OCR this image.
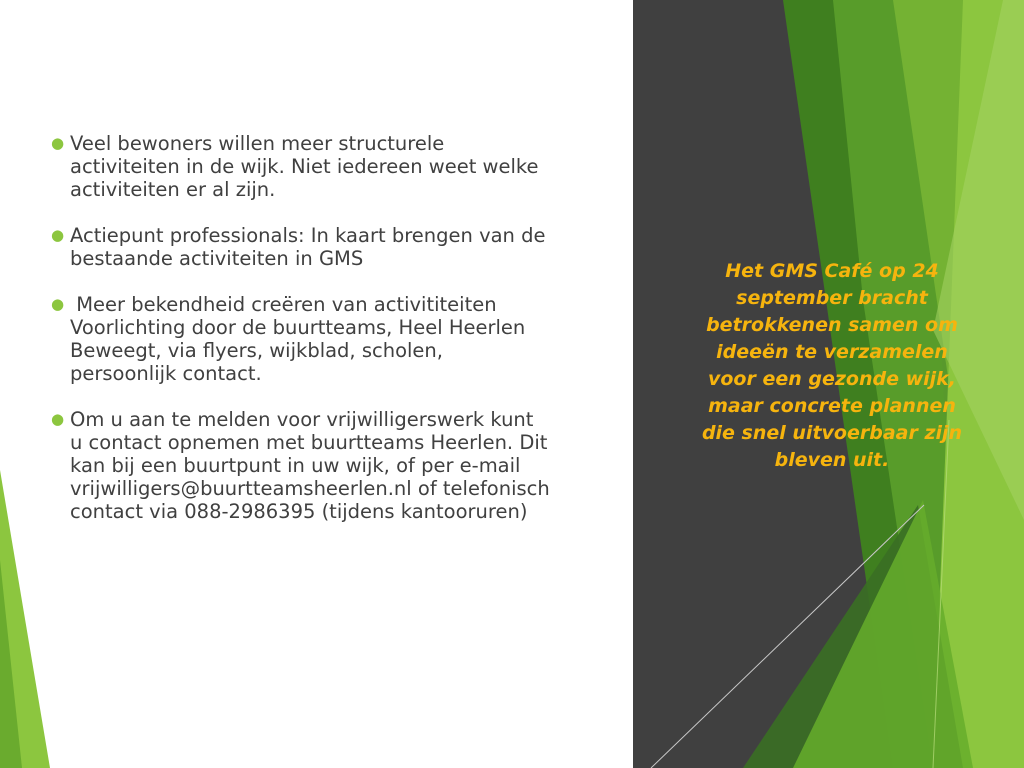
● Veel bewoners willen meer structurele
activiteiten in de wijk. Niet iedereen weet welke
activiteiten er al zijn.
● Actiepunt professionals: In kaart brengen van de
bestaande activiteiten in GMS
● Meer bekendheid creëren van activititeiten
Voorlichting door de buurtteams, Heel Heerlen
Beweegt, via flyers, wijkblad, scholen,
persoonlijk contact.
● Om u aan te melden voor vrijwilligerswerk kunt
u contact opnemen met buurtteams Heerlen. Dit
kan bij een buurtpunt in uw wijk, of per e-mail
vrijwilligers@buurtteamsheerlen.nl of telefonisch
contact via 088-2986395 (tijdens kantooruren)
Het GMS Café op 24
september bracht
betrokkenen samen om
ideeën te verzamelen
voor een gezonde wijk,
maar concrete plannen
die snel uitvoerbaar zijn
bleven uit.
